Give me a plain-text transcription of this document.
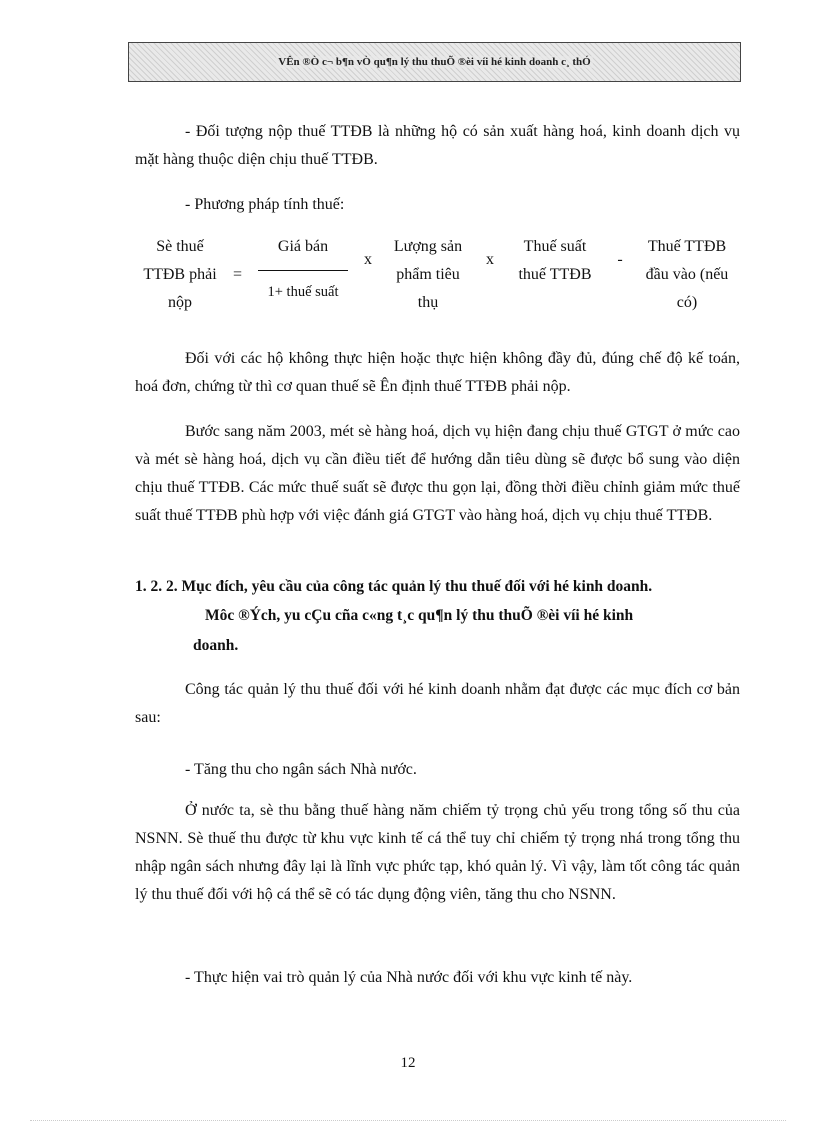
VÊn ®Ò c¬ b¶n vÒ qu¶n lý thu thuÕ ®èi víi hé kinh doanh c¸ thÓ

- Đối tượng nộp thuế TTĐB là những hộ có sản xuất hàng hoá, kinh doanh dịch vụ mặt hàng thuộc diện chịu thuế TTĐB.

- Phương pháp tính thuế:

Sè thuế
TTĐB phải
nộp
=
Giá bán
1+ thuế suất
x
Lượng sản
phẩm tiêu
thụ
x
Thuế suất
thuế TTĐB
-
Thuế TTĐB
đầu vào (nếu
có)

Đối với các hộ không thực hiện hoặc thực hiện không đầy đủ, đúng chế độ kế toán, hoá đơn, chứng từ thì cơ quan thuế sẽ Ên định thuế TTĐB phải nộp.

Bước sang năm 2003, mét sè hàng hoá, dịch vụ hiện đang chịu thuế GTGT ở mức cao và mét sè hàng hoá, dịch vụ cần điều tiết để hướng dẫn tiêu dùng sẽ được bổ sung vào diện chịu thuế TTĐB. Các mức thuế suất sẽ được thu gọn lại, đồng thời điều chỉnh giảm mức thuế suất thuế TTĐB phù hợp với việc đánh giá GTGT vào hàng hoá, dịch vụ chịu thuế TTĐB.

1. 2. 2. Mục đích, yêu cầu của công tác quản lý thu thuế đối với hé kinh doanh.

Môc ®Ých, yu cÇu cña c«ng t¸c qu¶n lý thu thuÕ ®èi víi hé kinh
doanh.

Công tác quản lý thu thuế đối với hé kinh doanh nhằm đạt được các mục đích cơ bản sau:

- Tăng thu cho ngân sách Nhà nước.

Ở nước ta, sè thu bằng thuế hàng năm chiếm tỷ trọng chủ yếu trong tổng số thu của NSNN. Sè thuế thu được từ khu vực kinh tế cá thể tuy chỉ chiếm tỷ trọng nhá trong tổng thu nhập ngân sách nhưng đây lại là lĩnh vực phức tạp, khó quản lý. Vì vậy, làm tốt công tác quản lý thu thuế đối với hộ cá thể sẽ có tác dụng động viên, tăng thu cho NSNN.

- Thực hiện vai trò quản lý của Nhà nước đối với khu vực kinh tế này.

12
